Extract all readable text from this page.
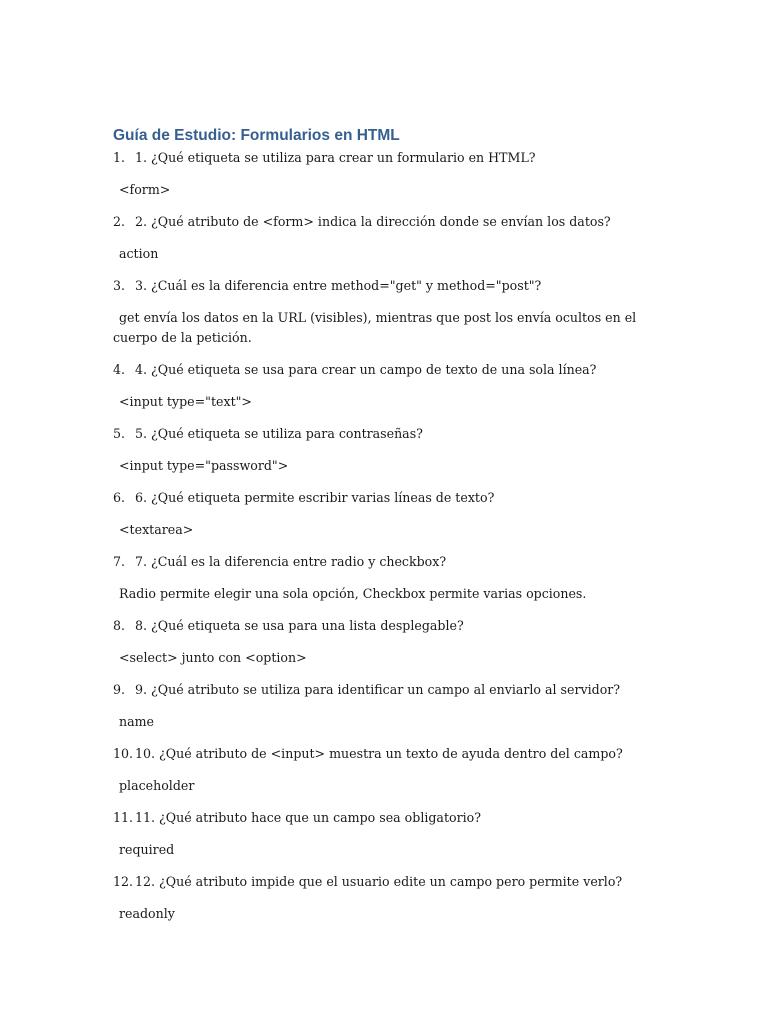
Guía de Estudio: Formularios en HTML

1. 1. ¿Qué etiqueta se utiliza para crear un formulario en HTML?

<form>

2. 2. ¿Qué atributo de <form> indica la dirección donde se envían los datos?

action

3. 3. ¿Cuál es la diferencia entre method="get" y method="post"?

get envía los datos en la URL (visibles), mientras que post los envía ocultos en el cuerpo de la petición.

4. 4. ¿Qué etiqueta se usa para crear un campo de texto de una sola línea?

<input type="text">

5. 5. ¿Qué etiqueta se utiliza para contraseñas?

<input type="password">

6. 6. ¿Qué etiqueta permite escribir varias líneas de texto?

<textarea>

7. 7. ¿Cuál es la diferencia entre radio y checkbox?

Radio permite elegir una sola opción, Checkbox permite varias opciones.

8. 8. ¿Qué etiqueta se usa para una lista desplegable?

<select> junto con <option>

9. 9. ¿Qué atributo se utiliza para identificar un campo al enviarlo al servidor?

name

10. 10. ¿Qué atributo de <input> muestra un texto de ayuda dentro del campo?

placeholder

11. 11. ¿Qué atributo hace que un campo sea obligatorio?

required

12. 12. ¿Qué atributo impide que el usuario edite un campo pero permite verlo?

readonly
